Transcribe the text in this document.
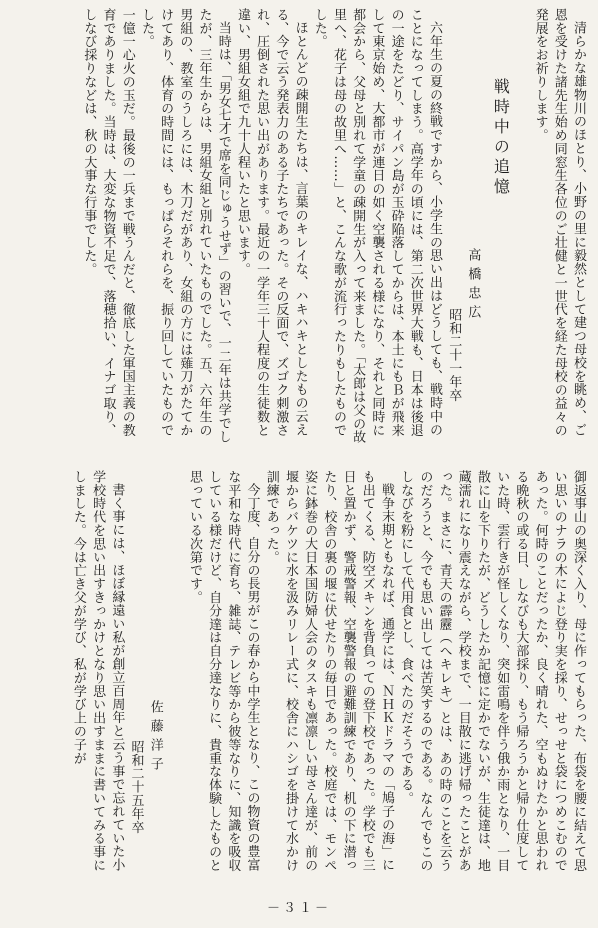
清らかな雄物川のほとり、小野の里に毅然として建つ母校を眺め、ご恩を受けた諸先生始め同窓生各位のご壮健と一世代を経た母校の益々の発展をお祈りします。

戦時中の追憶

高橋忠広

昭和二十一年卒

六年生の夏の終戦ですから、小学生の思い出はどうしても、戦時中のことになってしまう。高学年の頃には、第二次世界大戦も、日本は後退の一途をたどり、サイパン島が玉砕陥落してからは、本土にもＢが飛来して東京始め、大都市が連日の如く空襲される様になり、それと同時に都会から、父母と別れて学童の疎開生が入って来ました。「太郎は父の故里へ、花子は母の故里へ……」と、こんな歌が流行ったりもしたものでした。

ほとんどの疎開生たちは、言葉のキレイな、ハキハキとしたもの云える、今で云う発表力のある子たちであった。その反面で、ズゴク刺激され、圧倒された思い出があります。最近の一学年三十人程度の生徒数と違い、男組女組で九十人程いたと思います。

当時は、「男女七才で席を同じゅうせず」の習いで、一二年は共学でしたが、三年生からは、男組女組と別れていたものでした。五、六年生の男組の、教室のうしろには、木刀だがあり、女組の方には薙刀がたてかけてあり、体育の時間には、もっぱらそれらを、振り回していたものでした。

一億一心火の玉だ。最後の一兵まで戦うんだと、徹底した軍国主義の教育でありました。当時は、大変な物資不足で、落穂拾い、イナゴ取り、しなび採りなどは、秋の大事な行事でした。

御返事山の奥深く入り、母に作ってもらった、布袋を腰に結えて思い思いのナラの木によじ登り実を採り、せっせと袋につめこむのであった。何時のことだったか、良く晴れた、空もぬけたかと思われる晩秋の或る日、しなびも大部採り、もう帰ろうかと帰り仕度していた時、雲行きが怪しくなり、突如雷鳴を伴う俄か雨となり、一目散に山を下りたが、どうしたか記憶に定かでないが、生徒達は、地蔵濡れになり震えながら、学校まで、一目散に逃げ帰ったことがあった。まさに、青天の霹靂（へキレキ）とは、あの時のことを云うのだろうと、今でも思い出しては苦笑するのである。なんでもこのしなびを粉にして代用食とし、食べたのだそうである。

戦争末期ともなれば、通学には、ＮＨＫドラマの「鳩子の海」にも出てくる、防空ズキンを背負っての登下校であった。学校でも三日と置かず、警戒警報、空襲警報の避難訓練であり、机の下に潜ったり、校舎の裏の堰に伏せたりの毎日であった。校庭では、モンペ姿に鉢巻の大日本国防婦人会のタスキも凛凛しい母さん達が、前の堰からバケツに水を汲みリレー式に、校舎にハシゴを掛けて水かけ訓練であった。

今丁度、自分の長男がこの春から中学生となり、この物資の豊富な平和な時代に育ち、雑誌、テレビ等から彼等なりに、知識を吸収している様だけど、自分達は自分達なりに、貴重な体験したものと思っている次第です。

佐藤洋子

昭和二十五年卒

書く事には、ほぼ縁遠い私が創立百周年と云う事で忘れていた小学校時代を思い出すきっかけとなり思い出すままに書いてみる事にしました。今は亡き父が学び、私が学び上の子が

－３１－
